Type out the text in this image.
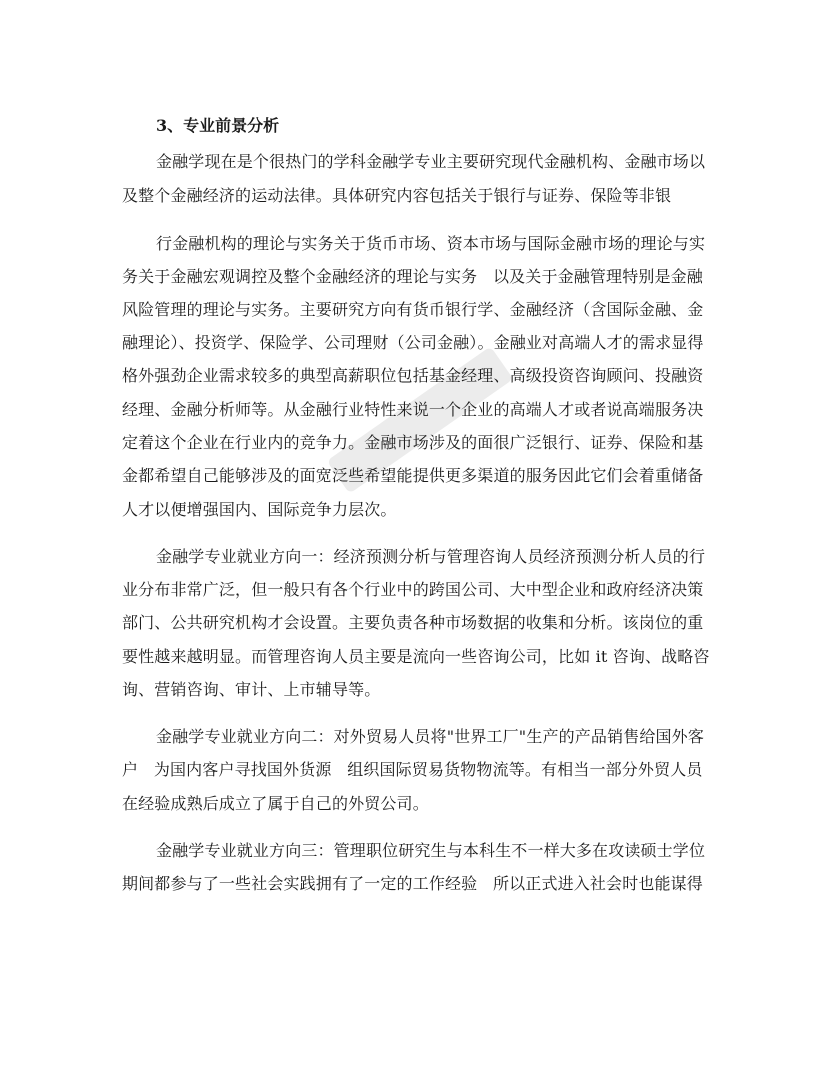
3、专业前景分析
金融学现在是个很热门的学科金融学专业主要研究现代金融机构、金融市场以
及整个金融经济的运动法律。具体研究内容包括关于银行与证券、保险等非银
行金融机构的理论与实务关于货币市场、资本市场与国际金融市场的理论与实
务关于金融宏观调控及整个金融经济的理论与实务   以及关于金融管理特别是金融
风险管理的理论与实务。主要研究方向有货币银行学、金融经济（含国际金融、金
融理论）、投资学、保险学、公司理财（公司金融）。金融业对高端人才的需求显得
格外强劲企业需求较多的典型高薪职位包括基金经理、高级投资咨询顾问、投融资
经理、金融分析师等。从金融行业特性来说一个企业的高端人才或者说高端服务决
定着这个企业在行业内的竞争力。金融市场涉及的面很广泛银行、证券、保险和基
金都希望自己能够涉及的面宽泛些希望能提供更多渠道的服务因此它们会着重储备
人才以便增强国内、国际竞争力层次。
金融学专业就业方向一：经济预测分析与管理咨询人员经济预测分析人员的行
业分布非常广泛，但一般只有各个行业中的跨国公司、大中型企业和政府经济决策
部门、公共研究机构才会设置。主要负责各种市场数据的收集和分析。该岗位的重
要性越来越明显。而管理咨询人员主要是流向一些咨询公司，比如 it 咨询、战略咨
询、营销咨询、审计、上市辅导等。
金融学专业就业方向二：对外贸易人员将"世界工厂"生产的产品销售给国外客
户   为国内客户寻找国外货源   组织国际贸易货物物流等。有相当一部分外贸人员
在经验成熟后成立了属于自己的外贸公司。
金融学专业就业方向三：管理职位研究生与本科生不一样大多在攻读硕士学位
期间都参与了一些社会实践拥有了一定的工作经验   所以正式进入社会时也能谋得
